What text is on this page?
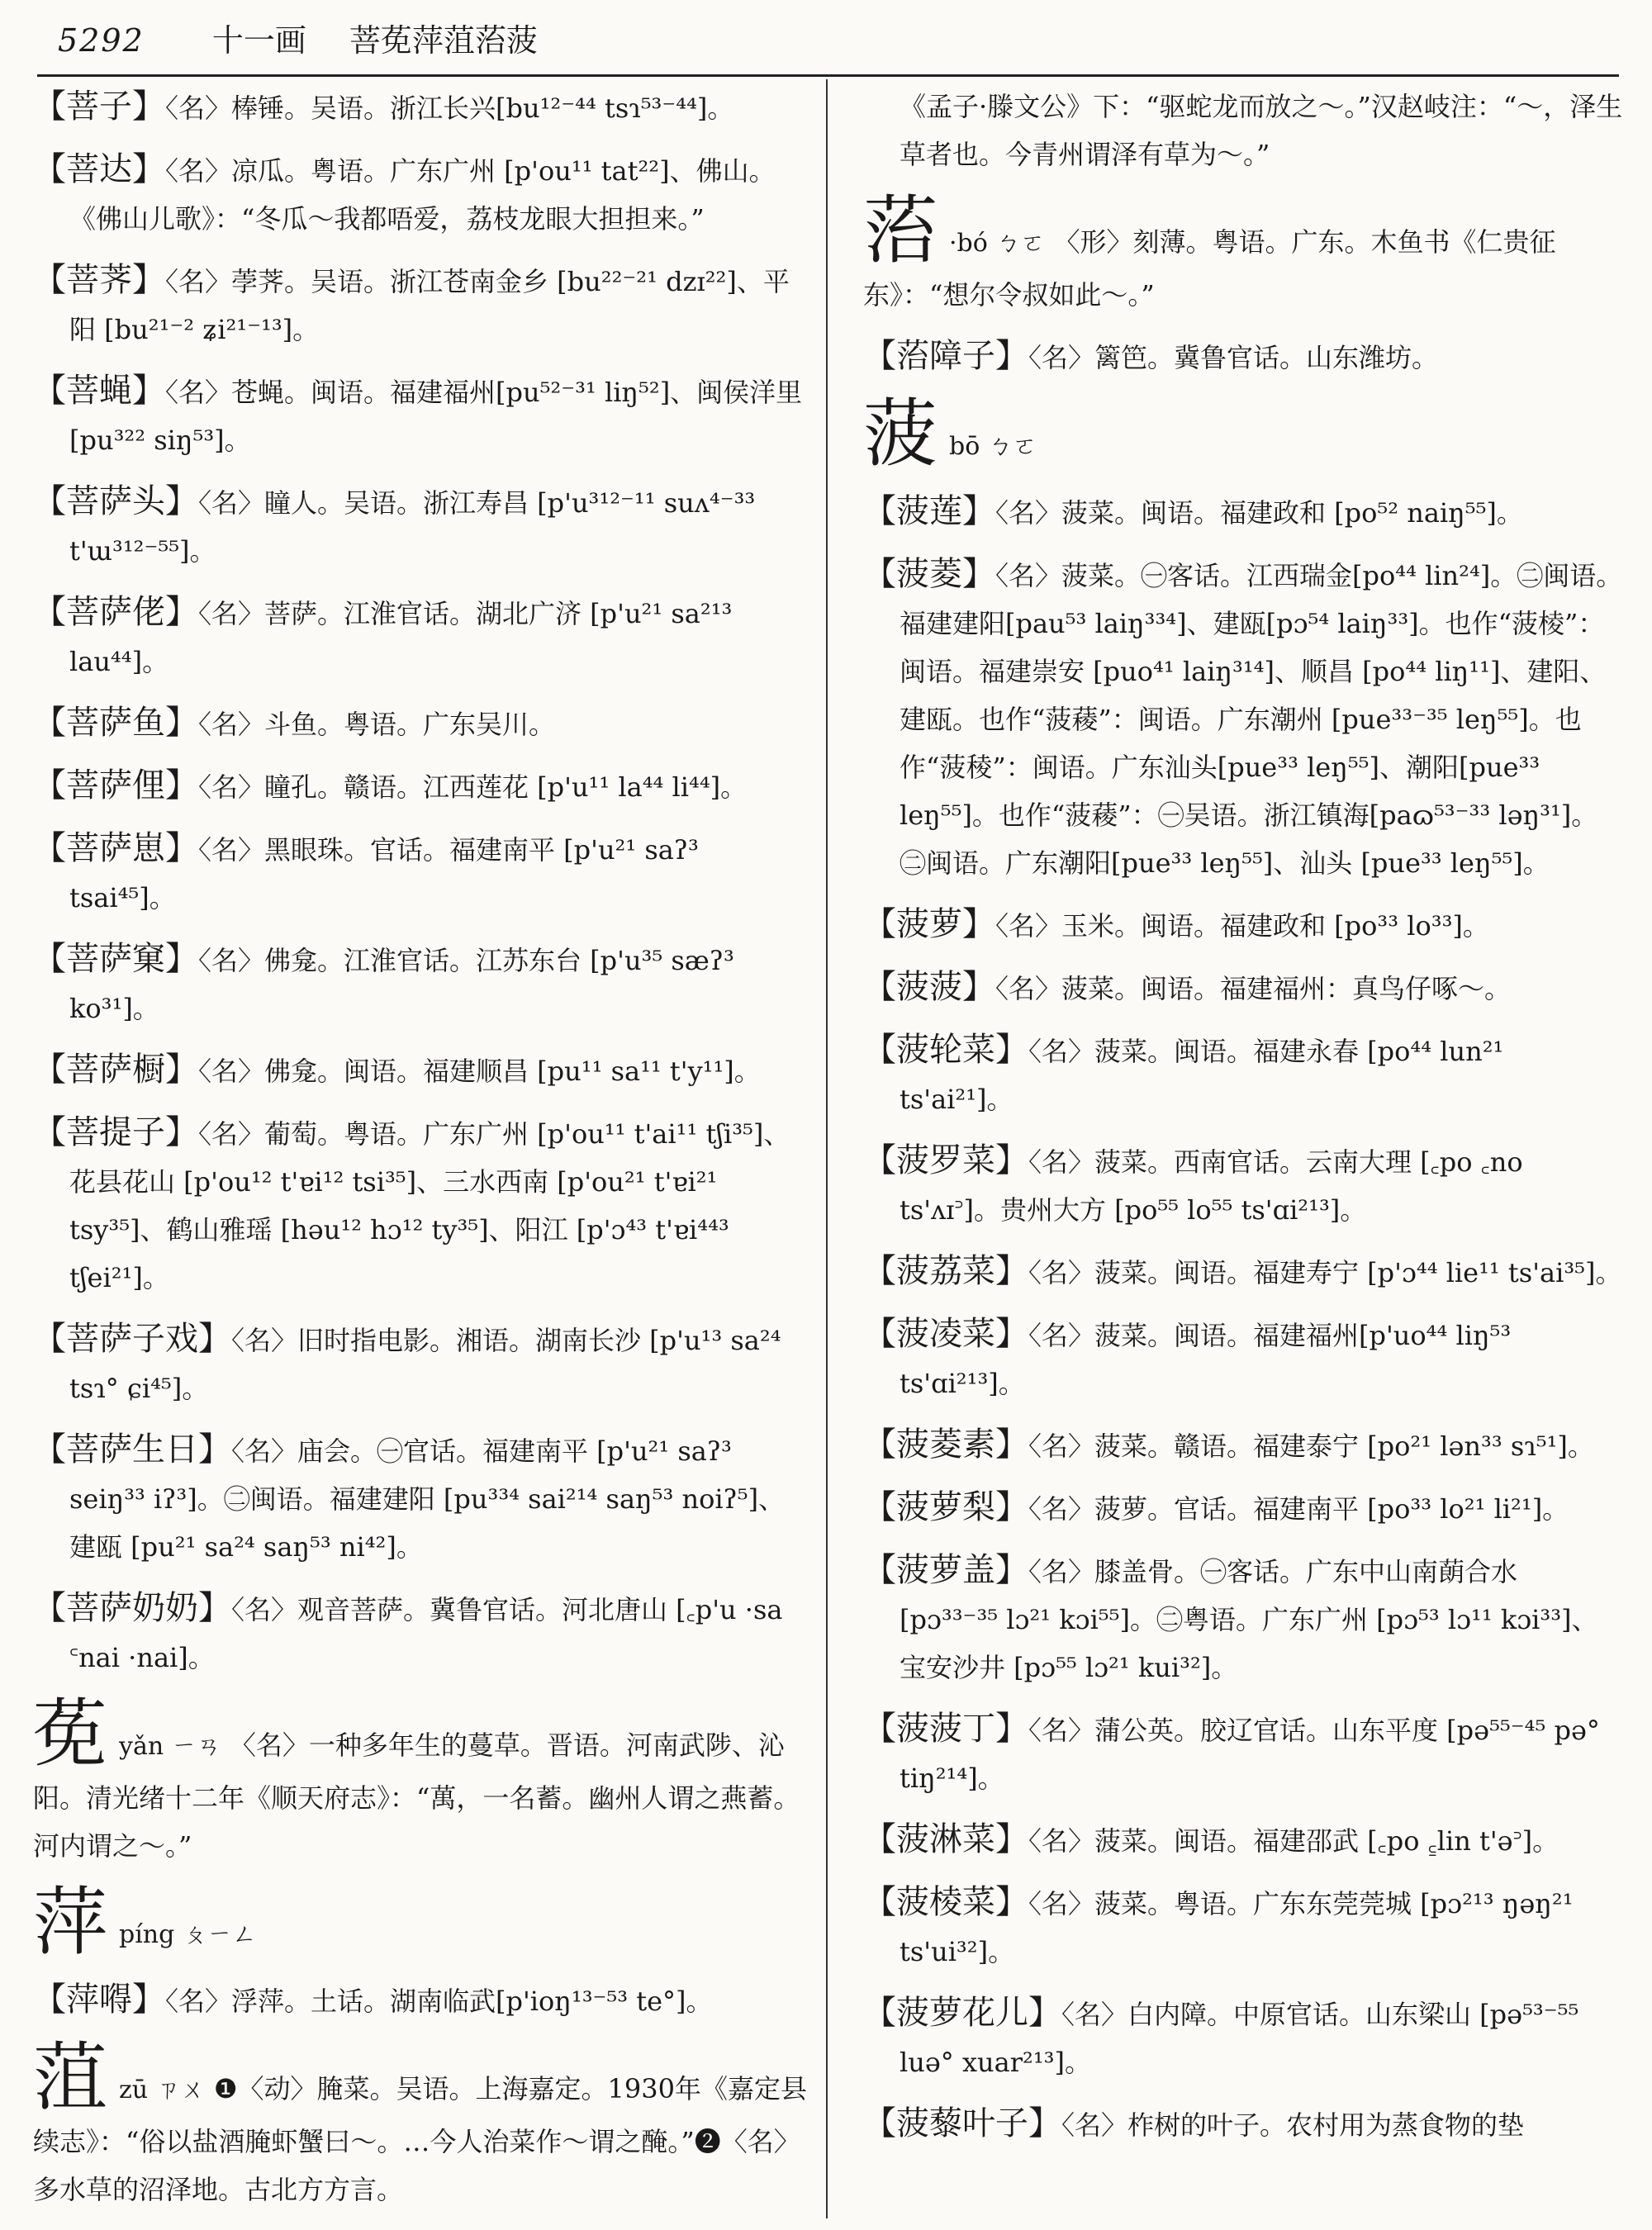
5292 十一画 菩莬萍菹菭菠
【菩子】〈名〉棒锤。吴语。浙江长兴[bu¹²⁻⁴⁴ tsɿ⁵³⁻⁴⁴]。
【菩达】〈名〉凉瓜。粤语。广东广州 [p'ou¹¹ tat²²]、佛山。《佛山儿歌》：“冬瓜～我都唔爱，荔枝龙眼大担担来。”
【菩荠】〈名〉荸荠。吴语。浙江苍南金乡 [bu²²⁻²¹ dzɪ²²]、平阳 [bu²¹⁻² ʑi²¹⁻¹³]。
【菩蝇】〈名〉苍蝇。闽语。福建福州[pu⁵²⁻³¹ liŋ⁵²]、闽侯洋里 [pu³²² siŋ⁵³]。
【菩萨头】〈名〉瞳人。吴语。浙江寿昌 [p'u³¹²⁻¹¹ suʌ⁴⁻³³ t'ɯ³¹²⁻⁵⁵]。
【菩萨佬】〈名〉菩萨。江淮官话。湖北广济 [p'u²¹ sa²¹³ lau⁴⁴]。
【菩萨鱼】〈名〉斗鱼。粤语。广东吴川。
【菩萨俚】〈名〉瞳孔。赣语。江西莲花 [p'u¹¹ la⁴⁴ li⁴⁴]。
【菩萨崽】〈名〉黑眼珠。官话。福建南平 [p'u²¹ saʔ³ tsai⁴⁵]。
【菩萨窠】〈名〉佛龛。江淮官话。江苏东台 [p'u³⁵ sæʔ³ ko³¹]。
【菩萨橱】〈名〉佛龛。闽语。福建顺昌 [pu¹¹ sa¹¹ t'y¹¹]。
【菩提子】〈名〉葡萄。粤语。广东广州 [p'ou¹¹ t'ai¹¹ tʃi³⁵]、花县花山 [p'ou¹² t'ɐi¹² tsi³⁵]、三水西南 [p'ou²¹ t'ɐi²¹ tsy³⁵]、鹤山雅瑶 [həu¹² hɔ¹² ty³⁵]、阳江 [p'ɔ⁴³ t'ɐi⁴⁴³ tʃei²¹]。
【菩萨子戏】〈名〉旧时指电影。湘语。湖南长沙 [p'u¹³ sa²⁴ tsɿ° ɕi⁴⁵]。
【菩萨生日】〈名〉庙会。㊀官话。福建南平 [p'u²¹ saʔ³ seiŋ³³ iʔ³]。㊁闽语。福建建阳 [pu³³⁴ sai²¹⁴ saŋ⁵³ noiʔ⁵]、建瓯 [pu²¹ sa²⁴ saŋ⁵³ ni⁴²]。
【菩萨奶奶】〈名〉观音菩萨。冀鲁官话。河北唐山 [꜀p'u ·sa ꜂nai ·nai]。
莬yǎn ㄧㄢ 〈名〉一种多年生的蔓草。晋语。河南武陟、沁阳。清光绪十二年《顺天府志》：“萬，一名蓄。幽州人谓之燕蓄。河内谓之～。”
萍píng ㄆㄧㄥ
【萍嘚】〈名〉浮萍。土话。湖南临武[p'ioŋ¹³⁻⁵³ te°]。
菹zū ㄗㄨ ❶〈动〉腌菜。吴语。上海嘉定。1930年《嘉定县续志》：“俗以盐酒腌虾蟹曰～。…今人治菜作～谓之醃。”❷〈名〉多水草的沼泽地。古北方方言。
《孟子·滕文公》下：“驱蛇龙而放之～。”汉赵岐注：“～，泽生草者也。今青州谓泽有草为～。”
菭 ·bó ㄅㄛ 〈形〉刻薄。粤语。广东。木鱼书《仁贵征东》：“想尔令叔如此～。”
【菭障子】〈名〉篱笆。冀鲁官话。山东潍坊。
菠bō ㄅㄛ
【菠莲】〈名〉菠菜。闽语。福建政和 [po⁵² naiŋ⁵⁵]。
【菠菱】〈名〉菠菜。㊀客话。江西瑞金[po⁴⁴ lin²⁴]。㊁闽语。福建建阳[pau⁵³ laiŋ³³⁴]、建瓯[pɔ⁵⁴ laiŋ³³]。也作“菠棱”：闽语。福建崇安 [puo⁴¹ laiŋ³¹⁴]、顺昌 [po⁴⁴ liŋ¹¹]、建阳、建瓯。也作“菠薐”：闽语。广东潮州 [pue³³⁻³⁵ leŋ⁵⁵]。也作“菠稜”：闽语。广东汕头[pue³³ leŋ⁵⁵]、潮阳[pue³³ leŋ⁵⁵]。也作“菠薐”：㊀吴语。浙江镇海[paɷ⁵³⁻³³ ləŋ³¹]。㊁闽语。广东潮阳[pue³³ leŋ⁵⁵]、汕头 [pue³³ leŋ⁵⁵]。
【菠萝】〈名〉玉米。闽语。福建政和 [po³³ lo³³]。
【菠菠】〈名〉菠菜。闽语。福建福州：真鸟仔啄～。
【菠轮菜】〈名〉菠菜。闽语。福建永春 [po⁴⁴ lun²¹ ts'ai²¹]。
【菠罗菜】〈名〉菠菜。西南官话。云南大理 [꜀po ꜀no ts'ʌɪ꜄]。贵州大方 [po⁵⁵ lo⁵⁵ ts'ɑi²¹³]。
【菠荔菜】〈名〉菠菜。闽语。福建寿宁 [p'ɔ⁴⁴ lie¹¹ ts'ai³⁵]。
【菠凌菜】〈名〉菠菜。闽语。福建福州[p'uo⁴⁴ liŋ⁵³ ts'ɑi²¹³]。
【菠菱素】〈名〉菠菜。赣语。福建泰宁 [po²¹ lən³³ sɿ⁵¹]。
【菠萝梨】〈名〉菠萝。官话。福建南平 [po³³ lo²¹ li²¹]。
【菠萝盖】〈名〉膝盖骨。㊀客话。广东中山南蓢合水 [pɔ³³⁻³⁵ lɔ²¹ kɔi⁵⁵]。㊁粤语。广东广州 [pɔ⁵³ lɔ¹¹ kɔi³³]、宝安沙井 [pɔ⁵⁵ lɔ²¹ kui³²]。
【菠菠丁】〈名〉蒲公英。胶辽官话。山东平度 [pə⁵⁵⁻⁴⁵ pə° tiŋ²¹⁴]。
【菠淋菜】〈名〉菠菜。闽语。福建邵武 [꜀po ꜁lin t'ə꜄]。
【菠棱菜】〈名〉菠菜。粤语。广东东莞莞城 [pɔ²¹³ ŋəŋ²¹ ts'ui³²]。
【菠萝花儿】〈名〉白内障。中原官话。山东梁山 [pə⁵³⁻⁵⁵ luə° xuar²¹³]。
【菠藜叶子】〈名〉柞树的叶子。农村用为蒸食物的垫
